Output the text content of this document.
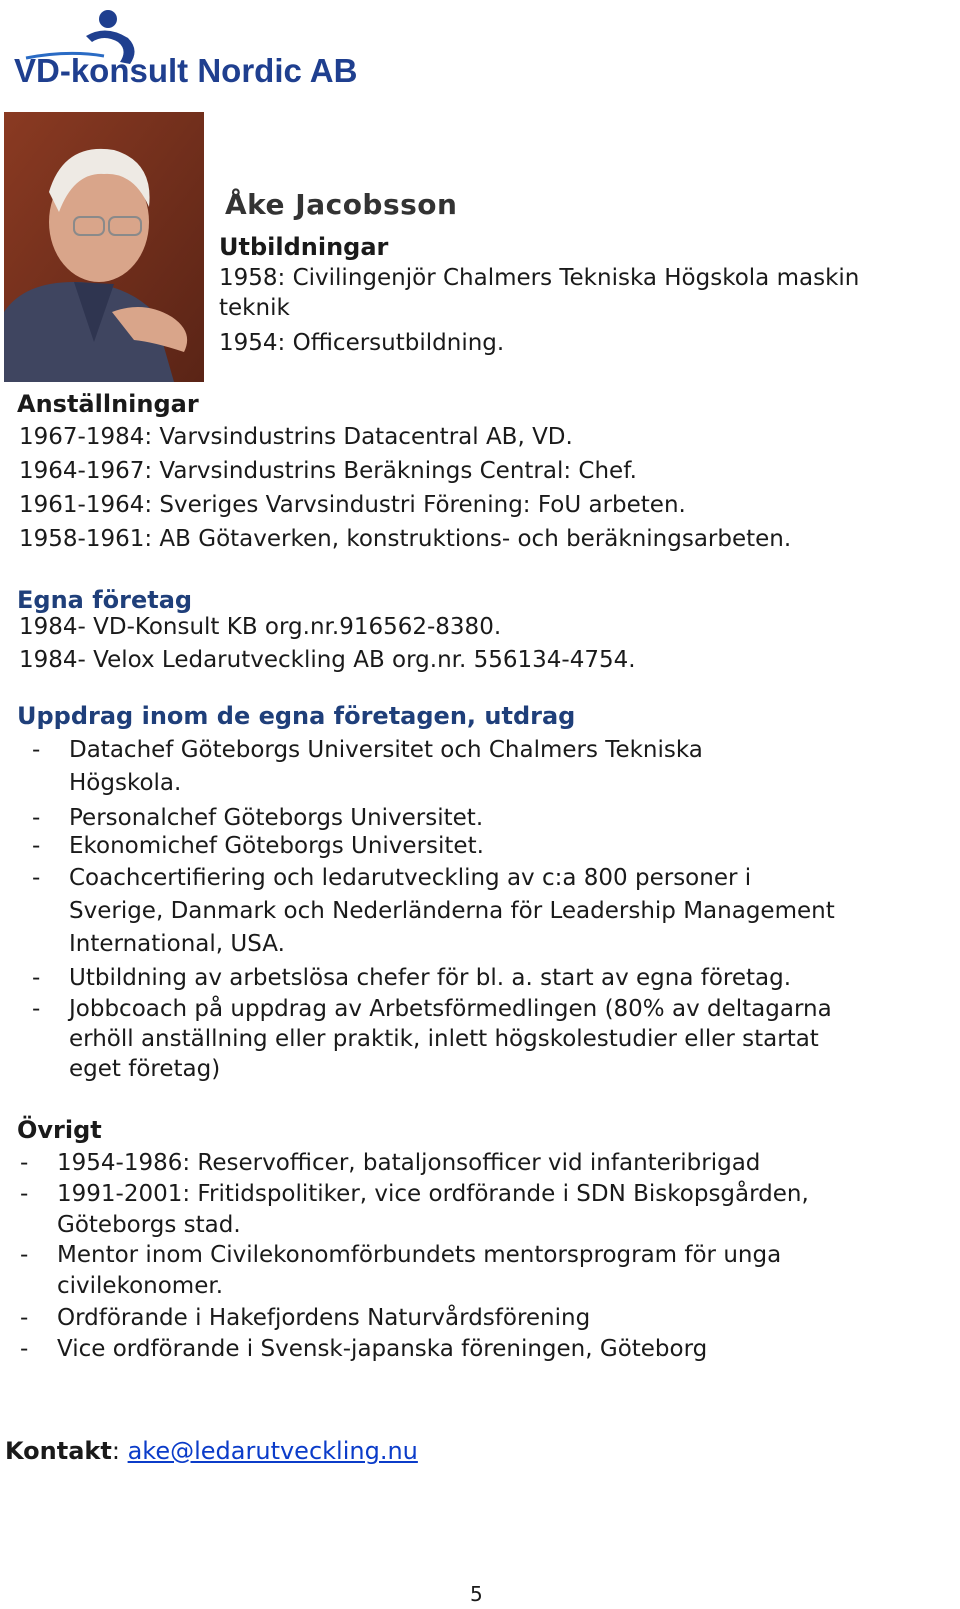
VD-konsult Nordic AB
Åke Jacobsson
Utbildningar
1958: Civilingenjör Chalmers Tekniska Högskola maskin
teknik
1954: Officersutbildning.
Anställningar
1967-1984: Varvsindustrins Datacentral AB, VD.
1964-1967: Varvsindustrins Beräknings Central: Chef.
1961-1964: Sveriges Varvsindustri Förening: FoU arbeten.
1958-1961: AB Götaverken, konstruktions- och beräkningsarbeten.
Egna företag
1984- VD-Konsult KB org.nr.916562-8380.
1984- Velox Ledarutveckling AB org.nr. 556134-4754.
Uppdrag inom de egna företagen, utdrag
-	Datachef Göteborgs Universitet och Chalmers Tekniska
Högskola.
-	Personalchef Göteborgs Universitet.
-	Ekonomichef Göteborgs Universitet.
-	Coachcertifiering och ledarutveckling av c:a 800 personer i
Sverige, Danmark och Nederländerna för Leadership Management
International, USA.
-	Utbildning av arbetslösa chefer för bl. a. start av egna företag.
-	Jobbcoach på uppdrag av Arbetsförmedlingen (80% av deltagarna
erhöll anställning eller praktik, inlett högskolestudier eller startat
eget företag)
Övrigt
-	1954-1986: Reservofficer, bataljonsofficer vid infanteribrigad
-	1991-2001: Fritidspolitiker, vice ordförande i SDN Biskopsgården,
Göteborgs stad.
-	Mentor inom Civilekonomförbundets mentorsprogram för unga
civilekonomer.
-	Ordförande i Hakefjordens Naturvårdsförening
-	Vice ordförande i Svensk-japanska föreningen, Göteborg
Kontakt: ake@ledarutveckling.nu
5
